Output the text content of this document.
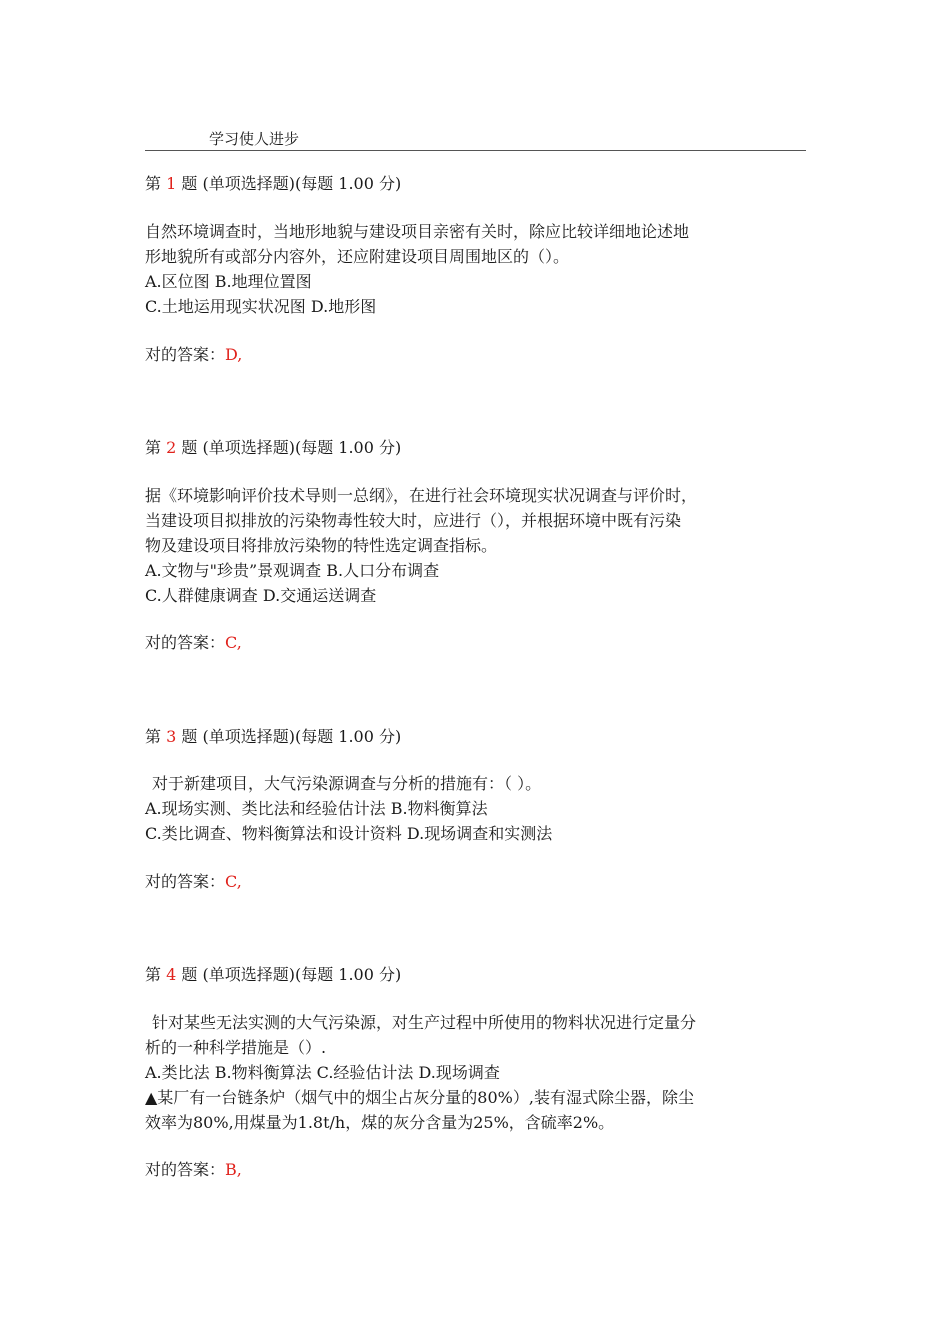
学习使人进步
第 1 题 (单项选择题)(每题 1.00 分)
自然环境调查时，当地形地貌与建设项目亲密有关时，除应比较详细地论述地
形地貌所有或部分内容外，还应附建设项目周围地区的（）。
A.区位图 B.地理位置图
C.土地运用现实状况图 D.地形图
对的答案：D,
第 2 题 (单项选择题)(每题 1.00 分)
据《环境影响评价技术导则一总纲》，在进行社会环境现实状况调查与评价时，
当建设项目拟排放的污染物毒性较大时，应进行（），并根据环境中既有污染
物及建设项目将排放污染物的特性选定调查指标。
A.文物与"珍贵”景观调查 B.人口分布调查
C.人群健康调查 D.交通运送调查
对的答案：C,
第 3 题 (单项选择题)(每题 1.00 分)
对于新建项目，大气污染源调查与分析的措施有：（ ）。
A.现场实测、类比法和经验估计法 B.物料衡算法
C.类比调查、物料衡算法和设计资料 D.现场调查和实测法
对的答案：C,
第 4 题 (单项选择题)(每题 1.00 分)
针对某些无法实测的大气污染源，对生产过程中所使用的物料状况进行定量分
析的一种科学措施是（）.
A.类比法 B.物料衡算法 C.经验估计法 D.现场调查
▲某厂有一台链条炉（烟气中的烟尘占灰分量的80%）,装有湿式除尘器，除尘
效率为80%,用煤量为1.8t/h，煤的灰分含量为25%，含硫率2%。
对的答案：B,
